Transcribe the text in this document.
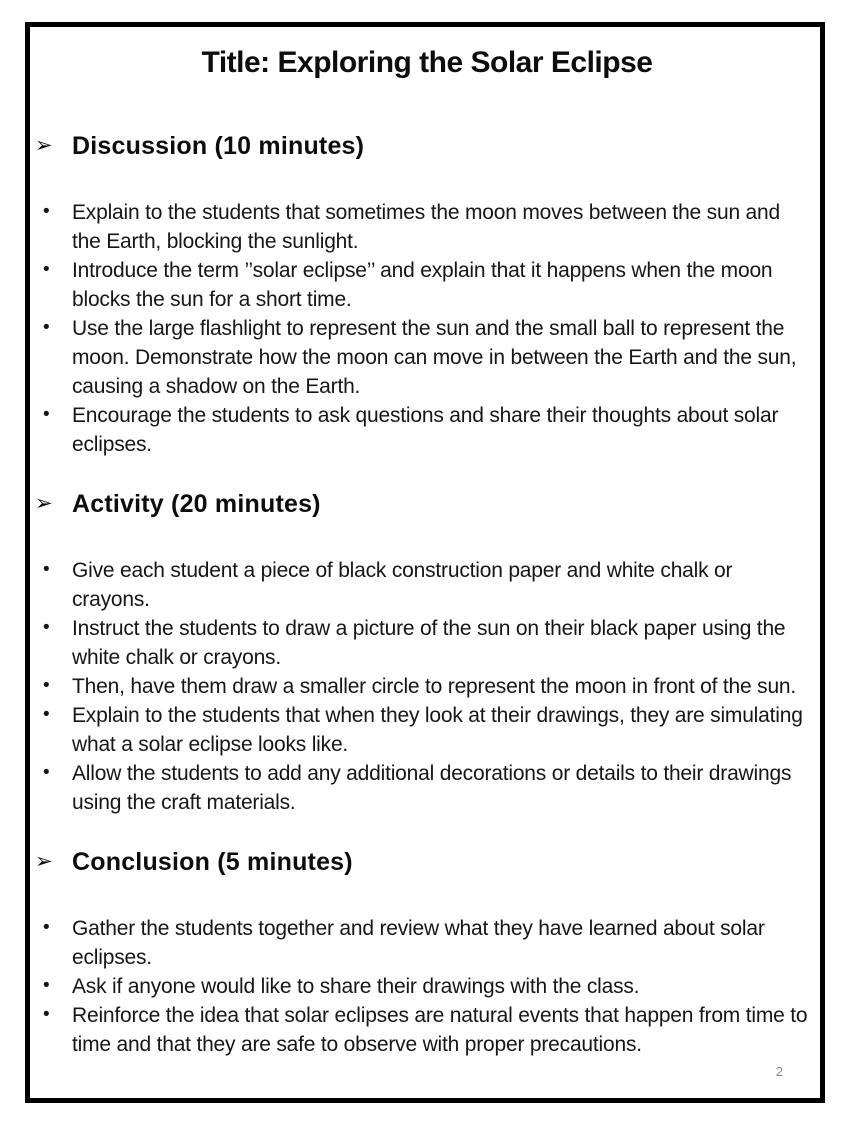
Title: Exploring the Solar Eclipse
➢ Discussion (10 minutes)
• Explain to the students that sometimes the moon moves between the sun and the Earth, blocking the sunlight.
• Introduce the term ’’solar eclipse’’ and explain that it happens when the moon blocks the sun for a short time.
• Use the large flashlight to represent the sun and the small ball to represent the moon. Demonstrate how the moon can move in between the Earth and the sun, causing a shadow on the Earth.
• Encourage the students to ask questions and share their thoughts about solar eclipses.
➢ Activity (20 minutes)
• Give each student a piece of black construction paper and white chalk or crayons.
• Instruct the students to draw a picture of the sun on their black paper using the white chalk or crayons.
• Then, have them draw a smaller circle to represent the moon in front of the sun.
• Explain to the students that when they look at their drawings, they are simulating what a solar eclipse looks like.
• Allow the students to add any additional decorations or details to their drawings using the craft materials.
➢ Conclusion (5 minutes)
• Gather the students together and review what they have learned about solar eclipses.
• Ask if anyone would like to share their drawings with the class.
• Reinforce the idea that solar eclipses are natural events that happen from time to time and that they are safe to observe with proper precautions.
2
